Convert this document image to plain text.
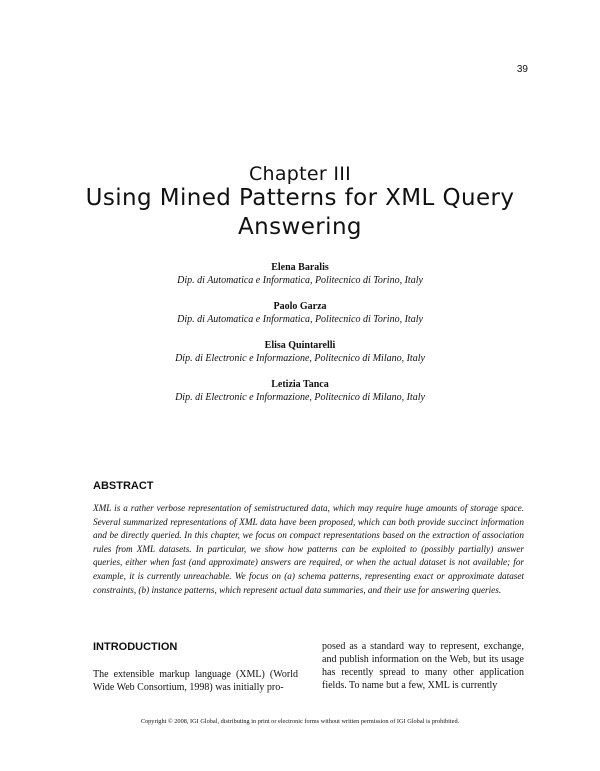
39
Chapter III
Using Mined Patterns for XML Query Answering
Elena Baralis
Dip. di Automatica e Informatica, Politecnico di Torino, Italy
Paolo Garza
Dip. di Automatica e Informatica, Politecnico di Torino, Italy
Elisa Quintarelli
Dip. di Electronic e Informazione, Politecnico di Milano, Italy
Letizia Tanca
Dip. di Electronic e Informazione, Politecnico di Milano, Italy
ABSTRACT

XML is a rather verbose representation of semistructured data, which may require huge amounts of storage space. Several summarized representations of XML data have been proposed, which can both provide succinct information and be directly queried. In this chapter, we focus on compact representations based on the extraction of association rules from XML datasets. In particular, we show how patterns can be exploited to (possibly partially) answer queries, either when fast (and approximate) answers are required, or when the actual dataset is not available; for example, it is currently unreachable. We focus on (a) schema patterns, representing exact or approximate dataset constraints, (b) instance patterns, which represent actual data summaries, and their use for answering queries.

INTRODUCTION

The extensible markup language (XML) (World Wide Web Consortium, 1998) was initially pro-

posed as a standard way to represent, exchange, and publish information on the Web, but its usage has recently spread to many other application fields. To name but a few, XML is currently

Copyright © 2008, IGI Global, distributing in print or electronic forms without written permission of IGI Global is prohibited.
